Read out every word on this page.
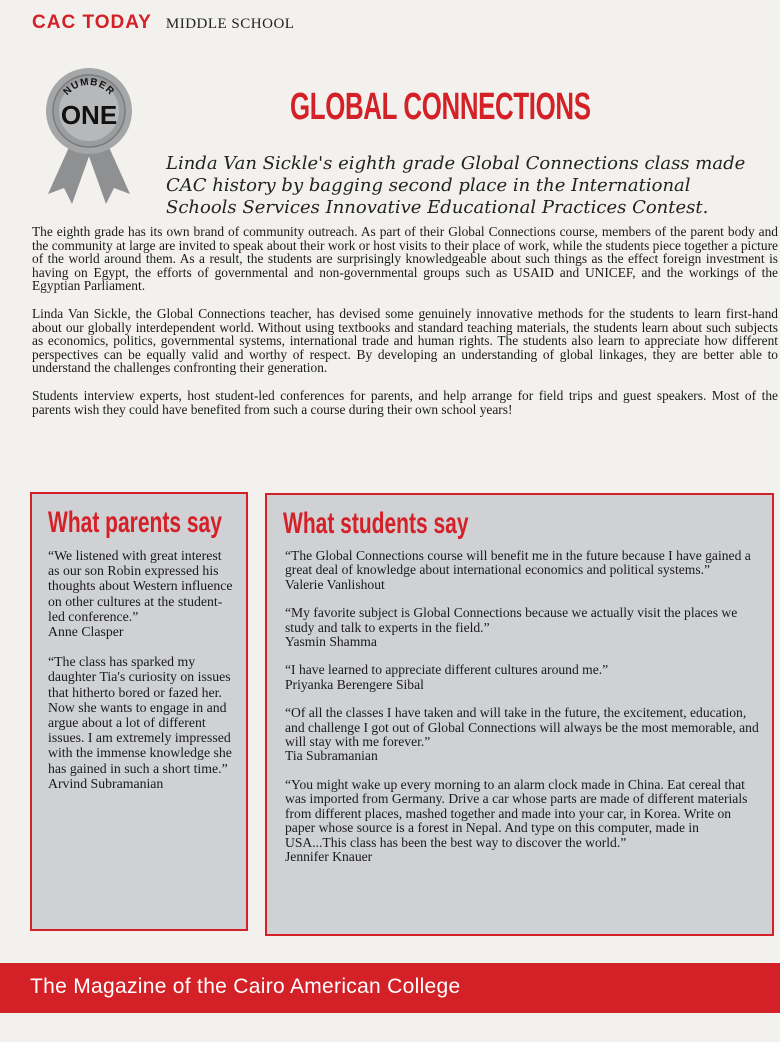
CAC TODAY MIDDLE SCHOOL
NUMBER
ONE	GLOBAL CONNECTIONS
Linda Van Sickle's eighth grade Global Connections class made CAC history by bagging second place in the International Schools Services Innovative Educational Practices Contest.

The eighth grade has its own brand of community outreach. As part of their Global Connections course, members of the parent body and the community at large are invited to speak about their work or host visits to their place of work, while the students piece together a picture of the world around them. As a result, the students are surprisingly knowledgeable about such things as the effect foreign investment is having on Egypt, the efforts of governmental and non-governmental groups such as USAID and UNICEF, and the workings of the Egyptian Parliament.

Linda Van Sickle, the Global Connections teacher, has devised some genuinely innovative methods for the students to learn first-hand about our globally interdependent world. Without using textbooks and standard teaching materials, the students learn about such subjects as economics, politics, governmental systems, international trade and human rights. The students also learn to appreciate how different perspectives can be equally valid and worthy of respect. By developing an understanding of global linkages, they are better able to understand the challenges confronting their generation.

Students interview experts, host student-led conferences for parents, and help arrange for field trips and guest speakers. Most of the parents wish they could have benefited from such a course during their own school years!

What parents say
“We listened with great interest as our son Robin expressed his thoughts about Western influence on other cultures at the student-led conference.”
Anne Clasper
“The class has sparked my daughter Tia's curiosity on issues that hitherto bored or fazed her. Now she wants to engage in and argue about a lot of different issues. I am extremely impressed with the immense knowledge she has gained in such a short time.”
Arvind Subramanian
What students say
“The Global Connections course will benefit me in the future because I have gained a great deal of knowledge about international economics and political systems.”
Valerie Vanlishout
“My favorite subject is Global Connections because we actually visit the places we study and talk to experts in the field.”
Yasmin Shamma
“I have learned to appreciate different cultures around me.”
Priyanka Berengere Sibal
“Of all the classes I have taken and will take in the future, the excitement, education, and challenge I got out of Global Connections will always be the most memorable, and will stay with me forever.”
Tia Subramanian
“You might wake up every morning to an alarm clock made in China. Eat cereal that was imported from Germany. Drive a car whose parts are made of different materials from different places, mashed together and made into your car, in Korea. Write on paper whose source is a forest in Nepal. And type on this computer, made in USA...This class has been the best way to discover the world.”
Jennifer Knauer
The Magazine of the Cairo American College
